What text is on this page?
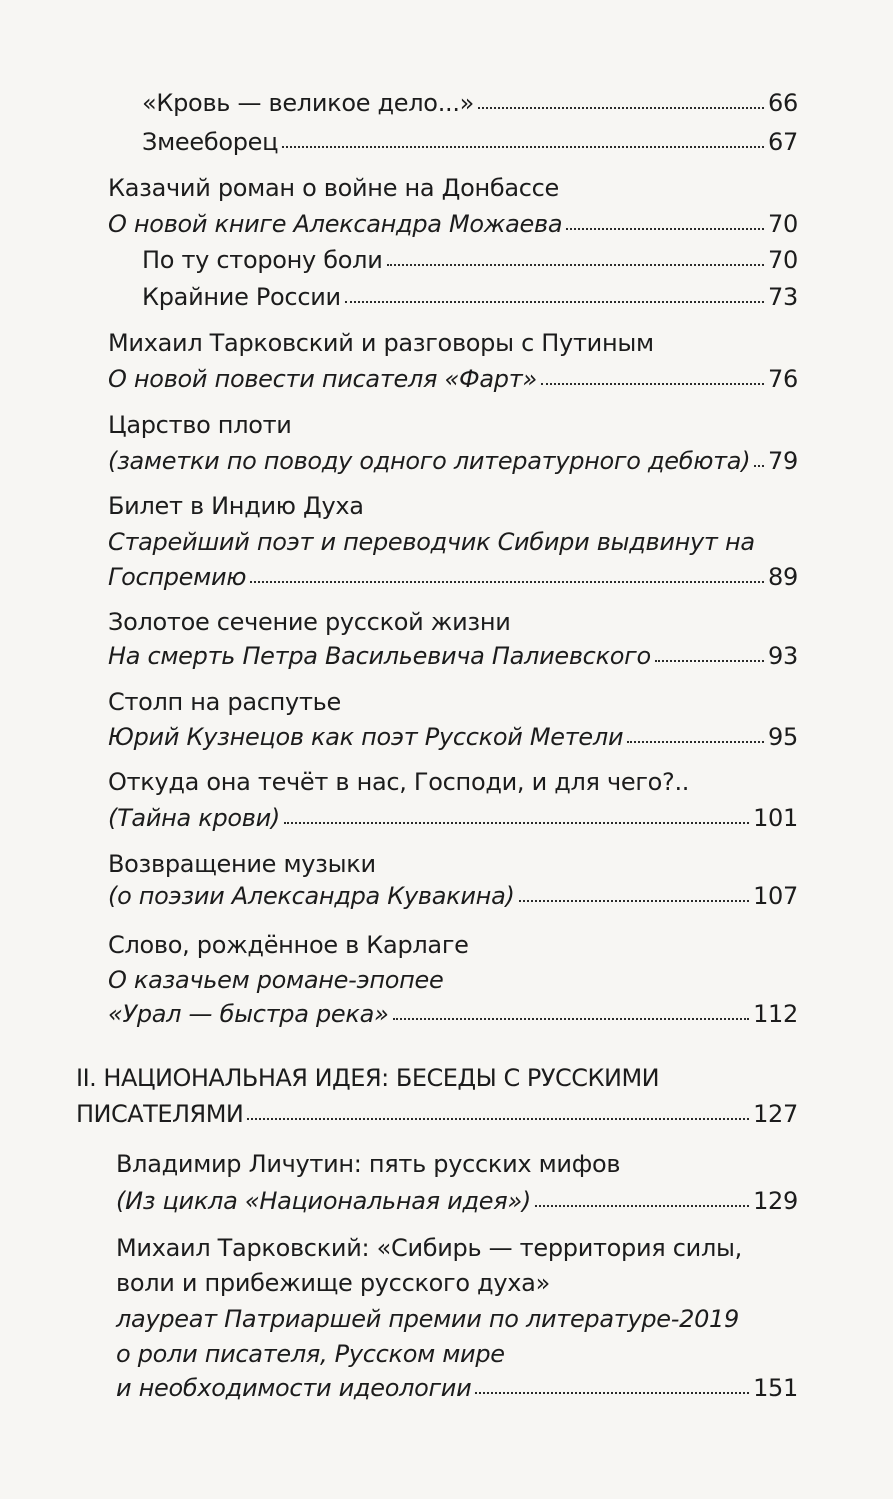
«Кровь — великое дело...»	66
Змееборец	67
Казачий роман о войне на Донбассе
О новой книге Александра Можаева	70
По ту сторону боли	70
Крайние России	73
Михаил Тарковский и разговоры с Путиным
О новой повести писателя «Фарт»	76
Царство плоти
(заметки по поводу одного литературного дебюта) 79
Билет в Индию Духа
Старейший поэт и переводчик Сибири выдвинут на
Госпремию	89
Золотое сечение русской жизни
На смерть Петра Васильевича Палиевского	93
Столп на распутье
Юрий Кузнецов как поэт Русской Метели	95
Откуда она течёт в нас, Господи, и для чего?..
(Тайна крови)	101
Возвращение музыки
(о поэзии Александра Кувакина)	107
Слово, рождённое в Карлаге
О казачьем романе-эпопее
«Урал — быстра река»	112
II. НАЦИОНАЛЬНАЯ ИДЕЯ: БЕСЕДЫ С РУССКИМИ
ПИСАТЕЛЯМИ	127
Владимир Личутин: пять русских мифов
(Из цикла «Национальная идея»)	129
Михаил Тарковский: «Сибирь — территория силы,
воли и прибежище русского духа»
лауреат Патриаршей премии по литературе-2019
о роли писателя, Русском мире
и необходимости идеологии	151
